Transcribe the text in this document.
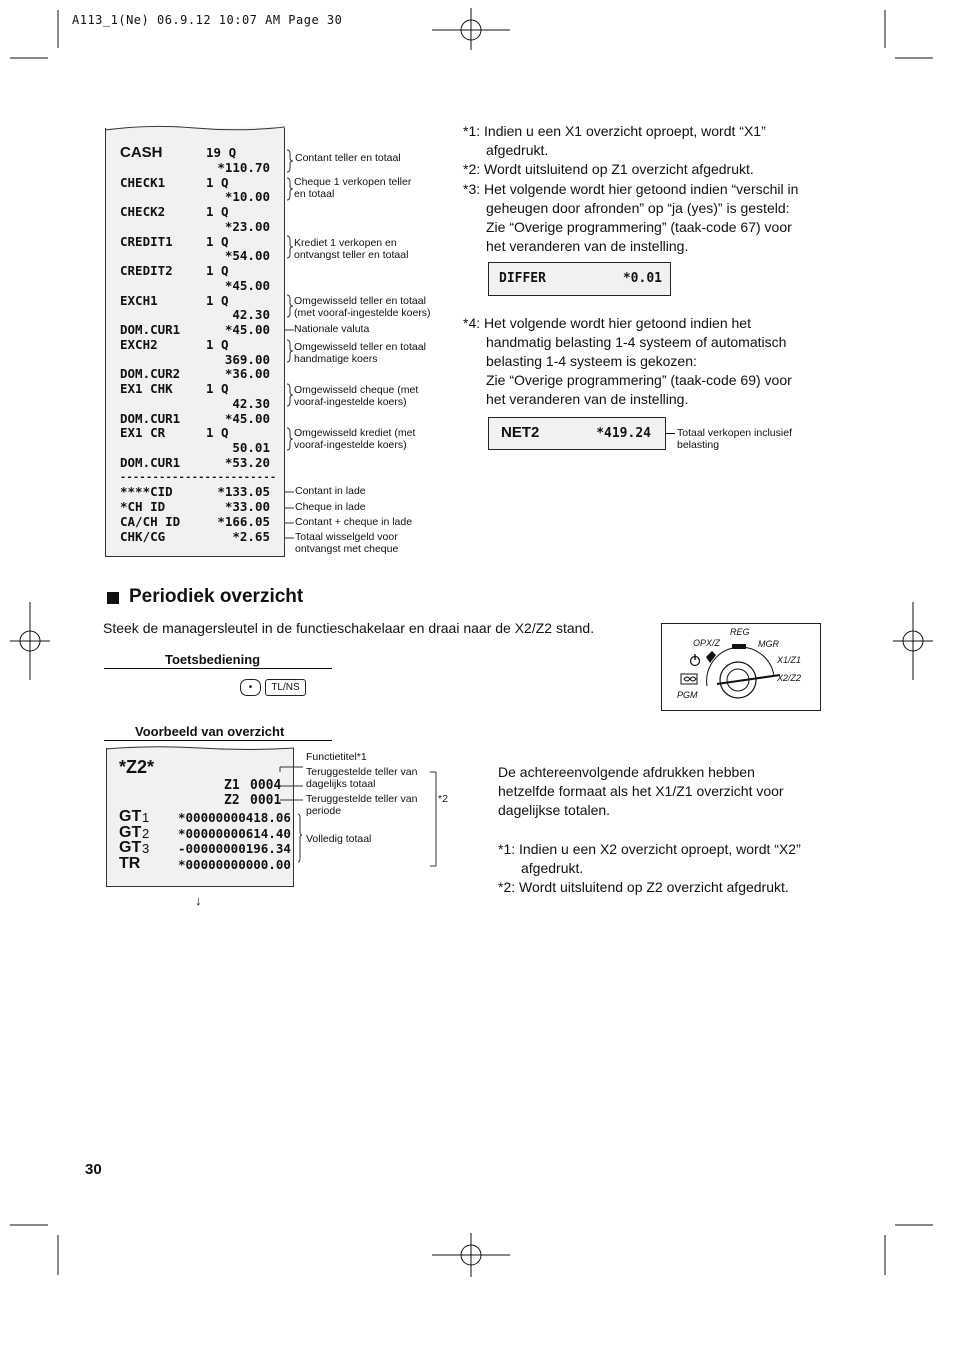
A113_1(Ne) 06.9.12 10:07 AM Page 30
CASH	19 Q
*110.70
CHECK1	1 Q
*10.00
CHECK2	1 Q
*23.00
CREDIT1	1 Q
*54.00
CREDIT2	1 Q
*45.00
EXCH1	1 Q
42.30
DOM.CUR1	*45.00
EXCH2	1 Q
369.00
DOM.CUR2	*36.00
EX1 CHK	1 Q
42.30
DOM.CUR1	*45.00
EX1 CR	1 Q
50.01
DOM.CUR1	*53.20
------------------------
****CID	*133.05
*CH ID	*33.00
CA/CH ID	*166.05
CHK/CG	*2.65
Contant teller en totaal
Cheque 1 verkopen teller
en totaal
Krediet 1 verkopen en
ontvangst teller en totaal
Omgewisseld teller en totaal
(met vooraf-ingestelde koers)
Nationale valuta
Omgewisseld teller en totaal
handmatige koers
Omgewisseld cheque (met
vooraf-ingestelde koers)
Omgewisseld krediet (met
vooraf-ingestelde koers)
Contant in lade
Cheque in lade
Contant + cheque in lade
Totaal wisselgeld voor
ontvangst met cheque
*1: Indien u een X1 overzicht oproept, wordt “X1”
afgedrukt.
*2: Wordt uitsluitend op Z1 overzicht afgedrukt.
*3: Het volgende wordt hier getoond indien “verschil in
geheugen door afronden” op “ja (yes)” is gesteld:
Zie “Overige programmering” (taak-code 67) voor
het veranderen van de instelling.
DIFFER	*0.01
*4: Het volgende wordt hier getoond indien het
handmatig belasting 1-4 systeem of automatisch
belasting 1-4 systeem is gekozen:
Zie “Overige programmering” (taak-code 69) voor
het veranderen van de instelling.
NET2	*419.24 Totaal verkopen inclusief
belasting
Periodiek overzicht
Steek de managersleutel in de functieschakelaar en draai naar de X2/Z2 stand.
Toetsbediening
•	TL/NS
Voorbeeld van overzicht
REG
OPX/Z	MGR
X1/Z1
X2/Z2
PGM
*Z2*
Z1 0004
Z2 0001
GT 1 *00000000418.06
GT 2 *00000000614.40
GT 3 -00000000196.34
TR	*00000000000.00
↓
Functietitel*1
Teruggestelde teller van
dagelijks totaal
Teruggestelde teller van
periode
Volledig totaal
*2
De achtereenvolgende afdrukken hebben
hetzelfde formaat als het X1/Z1 overzicht voor
dagelijkse totalen.
*1: Indien u een X2 overzicht oproept, wordt “X2”
afgedrukt.
*2: Wordt uitsluitend op Z2 overzicht afgedrukt.
30
